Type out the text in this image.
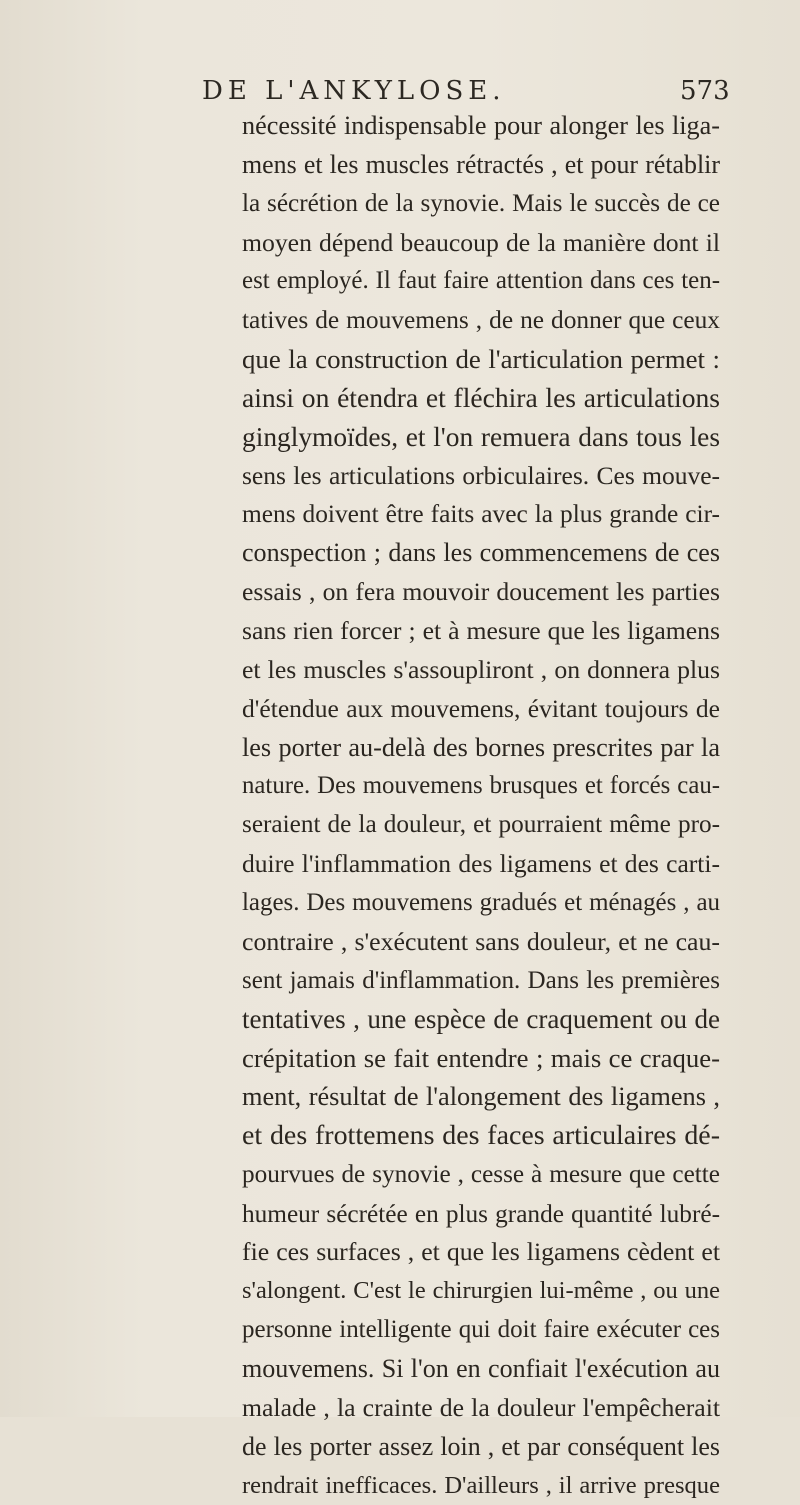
DE L'ANKYLOSE.	573
nécessité indispensable pour alonger les liga-
mens et les muscles rétractés , et pour rétablir
la sécrétion de la synovie. Mais le succès de ce
moyen dépend beaucoup de la manière dont il
est employé. Il faut faire attention dans ces ten-
tatives de mouvemens , de ne donner que ceux
que la construction de l'articulation permet :
ainsi on étendra et fléchira les articulations
ginglymoïdes, et l'on remuera dans tous les
sens les articulations orbiculaires. Ces mouve-
mens doivent être faits avec la plus grande cir-
conspection ; dans les commencemens de ces
essais , on fera mouvoir doucement les parties
sans rien forcer ; et à mesure que les ligamens
et les muscles s'assoupliront , on donnera plus
d'étendue aux mouvemens, évitant toujours de
les porter au-delà des bornes prescrites par la
nature. Des mouvemens brusques et forcés cau-
seraient de la douleur, et pourraient même pro-
duire l'inflammation des ligamens et des carti-
lages. Des mouvemens gradués et ménagés , au
contraire , s'exécutent sans douleur, et ne cau-
sent jamais d'inflammation. Dans les premières
tentatives , une espèce de craquement ou de
crépitation se fait entendre ; mais ce craque-
ment, résultat de l'alongement des ligamens ,
et des frottemens des faces articulaires dé-
pourvues de synovie , cesse à mesure que cette
humeur sécrétée en plus grande quantité lubré-
fie ces surfaces , et que les ligamens cèdent et
s'alongent. C'est le chirurgien lui-même , ou une
personne intelligente qui doit faire exécuter ces
mouvemens. Si l'on en confiait l'exécution au
malade , la crainte de la douleur l'empêcherait
de les porter assez loin , et par conséquent les
rendrait inefficaces. D'ailleurs , il arrive presque
